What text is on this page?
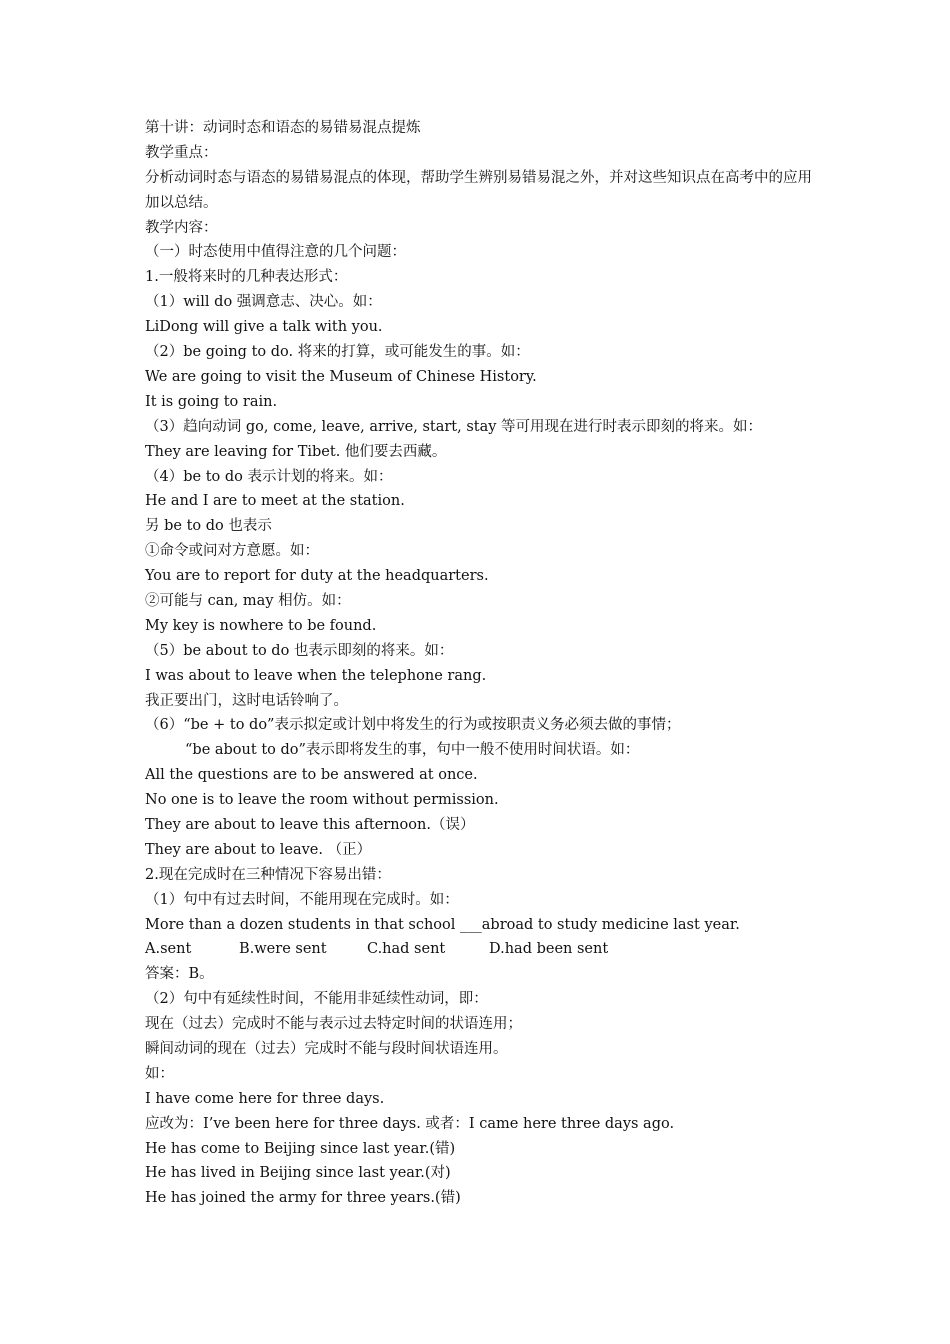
第十讲：动词时态和语态的易错易混点提炼
教学重点：
分析动词时态与语态的易错易混点的体现，帮助学生辨别易错易混之外，并对这些知识点在高考中的应用加以总结。
教学内容：
（一）时态使用中值得注意的几个问题：
1.一般将来时的几种表达形式：
（1）will do 强调意志、决心。如：
LiDong will give a talk with you.
（2）be going to do. 将来的打算，或可能发生的事。如：
We are going to visit the Museum of Chinese History.
It is going to rain.
（3）趋向动词 go, come, leave, arrive, start, stay 等可用现在进行时表示即刻的将来。如：
They are leaving for Tibet. 他们要去西藏。
（4）be to do 表示计划的将来。如：
He and I are to meet at the station.
另 be to do 也表示
①命令或问对方意愿。如：
You are to report for duty at the headquarters.
②可能与 can, may 相仿。如：
My key is nowhere to be found.
（5）be about to do 也表示即刻的将来。如：
I was about to leave when the telephone rang.
我正要出门，这时电话铃响了。
（6）“be + to do”表示拟定或计划中将发生的行为或按职责义务必须去做的事情；
“be about to do”表示即将发生的事，句中一般不使用时间状语。如：
All the questions are to be answered at once.
No one is to leave the room without permission.
They are about to leave this afternoon.（误）
They are about to leave. （正）
2.现在完成时在三种情况下容易出错：
（1）句中有过去时间，不能用现在完成时。如：
More than a dozen students in that school ___abroad to study medicine last year.
A.sent	B.were sent	C.had sent	D.had been sent
答案：B。
（2）句中有延续性时间，不能用非延续性动词，即：
现在（过去）完成时不能与表示过去特定时间的状语连用；
瞬间动词的现在（过去）完成时不能与段时间状语连用。
如：
I have come here for three days.
应改为：I’ve been here for three days. 或者：I came here three days ago.
He has come to Beijing since last year.(错)
He has lived in Beijing since last year.(对)
He has joined the army for three years.(错)
